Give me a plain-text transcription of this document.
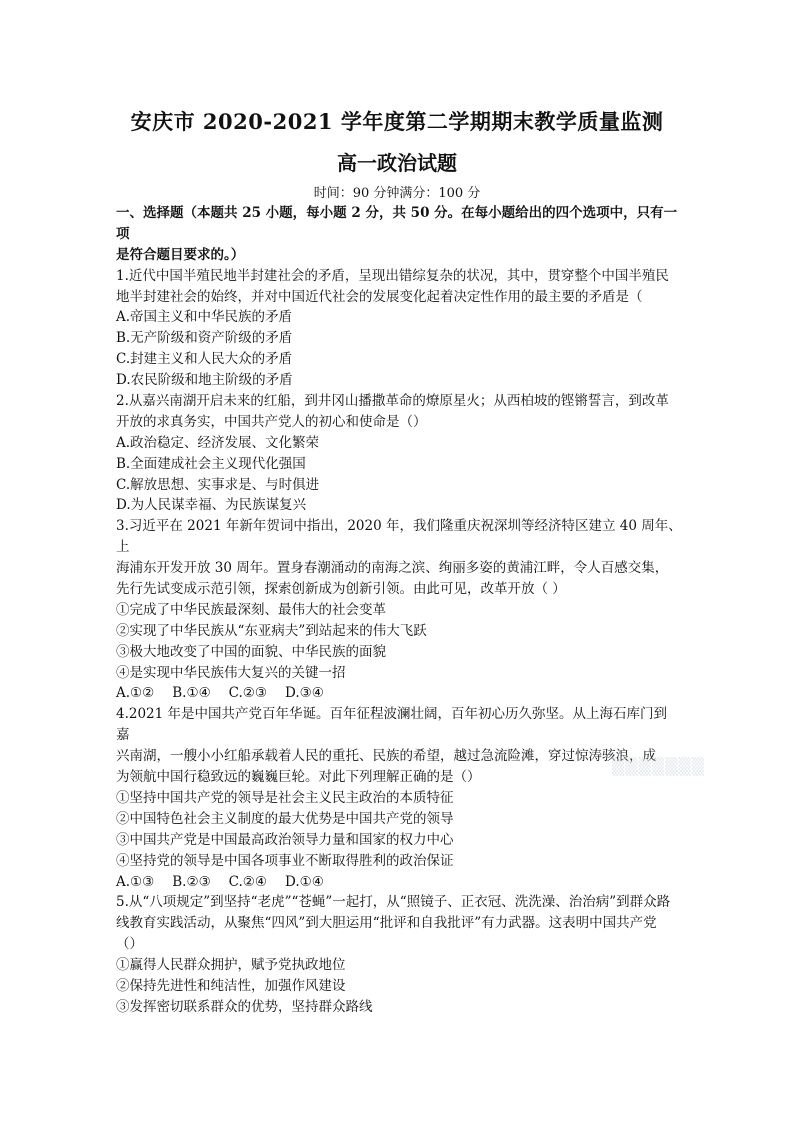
安庆市 2020-2021 学年度第二学期期末教学质量监测
高一政治试题
时间：90 分钟满分：100 分
一、选择题（本题共 25 小题，每小题 2 分，共 50 分。在每小题给出的四个选项中，只有一
项
是符合题目要求的。）
1.近代中国半殖民地半封建社会的矛盾，呈现出错综复杂的状况，其中，贯穿整个中国半殖民
地半封建社会的始终，并对中国近代社会的发展变化起着决定性作用的最主要的矛盾是（
A.帝国主义和中华民族的矛盾
B.无产阶级和资产阶级的矛盾
C.封建主义和人民大众的矛盾
D.农民阶级和地主阶级的矛盾
2.从嘉兴南湖开启未来的红船，到井冈山播撒革命的燎原星火；从西柏坡的铿锵誓言，到改革
开放的求真务实，中国共产党人的初心和使命是（）
A.政治稳定、经济发展、文化繁荣
B.全面建成社会主义现代化强国
C.解放思想、实事求是、与时俱进
D.为人民谋幸福、为民族谋复兴
3.习近平在 2021 年新年贺词中指出，2020 年，我们隆重庆祝深圳等经济特区建立 40 周年、
上
海浦东开发开放 30 周年。置身春潮涌动的南海之滨、绚丽多姿的黄浦江畔，令人百感交集，
先行先试变成示范引领，探索创新成为创新引领。由此可见，改革开放（ ）
①完成了中华民族最深刻、最伟大的社会变革
②实现了中华民族从“东亚病夫”到站起来的伟大飞跃
③极大地改变了中国的面貌、中华民族的面貌
④是实现中华民族伟大复兴的关键一招
A.①② B.①④ C.②③ D.③④
4.2021 年是中国共产党百年华诞。百年征程波澜壮阔，百年初心历久弥坚。从上海石库门到
嘉
兴南湖，一艘小小红船承载着人民的重托、民族的希望，越过急流险滩，穿过惊涛骇浪，成
为领航中国行稳致远的巍巍巨轮。对此下列理解正确的是（）
①坚持中国共产党的领导是社会主义民主政治的本质特征
②中国特色社会主义制度的最大优势是中国共产党的领导
③中国共产党是中国最高政治领导力量和国家的权力中心
④坚持党的领导是中国各项事业不断取得胜利的政治保证
A.①③ B.②③ C.②④ D.①④
5.从“八项规定”到坚持“老虎”“苍蝇”一起打，从“照镜子、正衣冠、洗洗澡、治治病”到群众路
线教育实践活动，从聚焦“四风”到大胆运用“批评和自我批评”有力武器。这表明中国共产党
（）
①赢得人民群众拥护，赋予党执政地位
②保持先进性和纯洁性，加强作风建设
③发挥密切联系群众的优势，坚持群众路线
▒▒▒▒▒▒▒
